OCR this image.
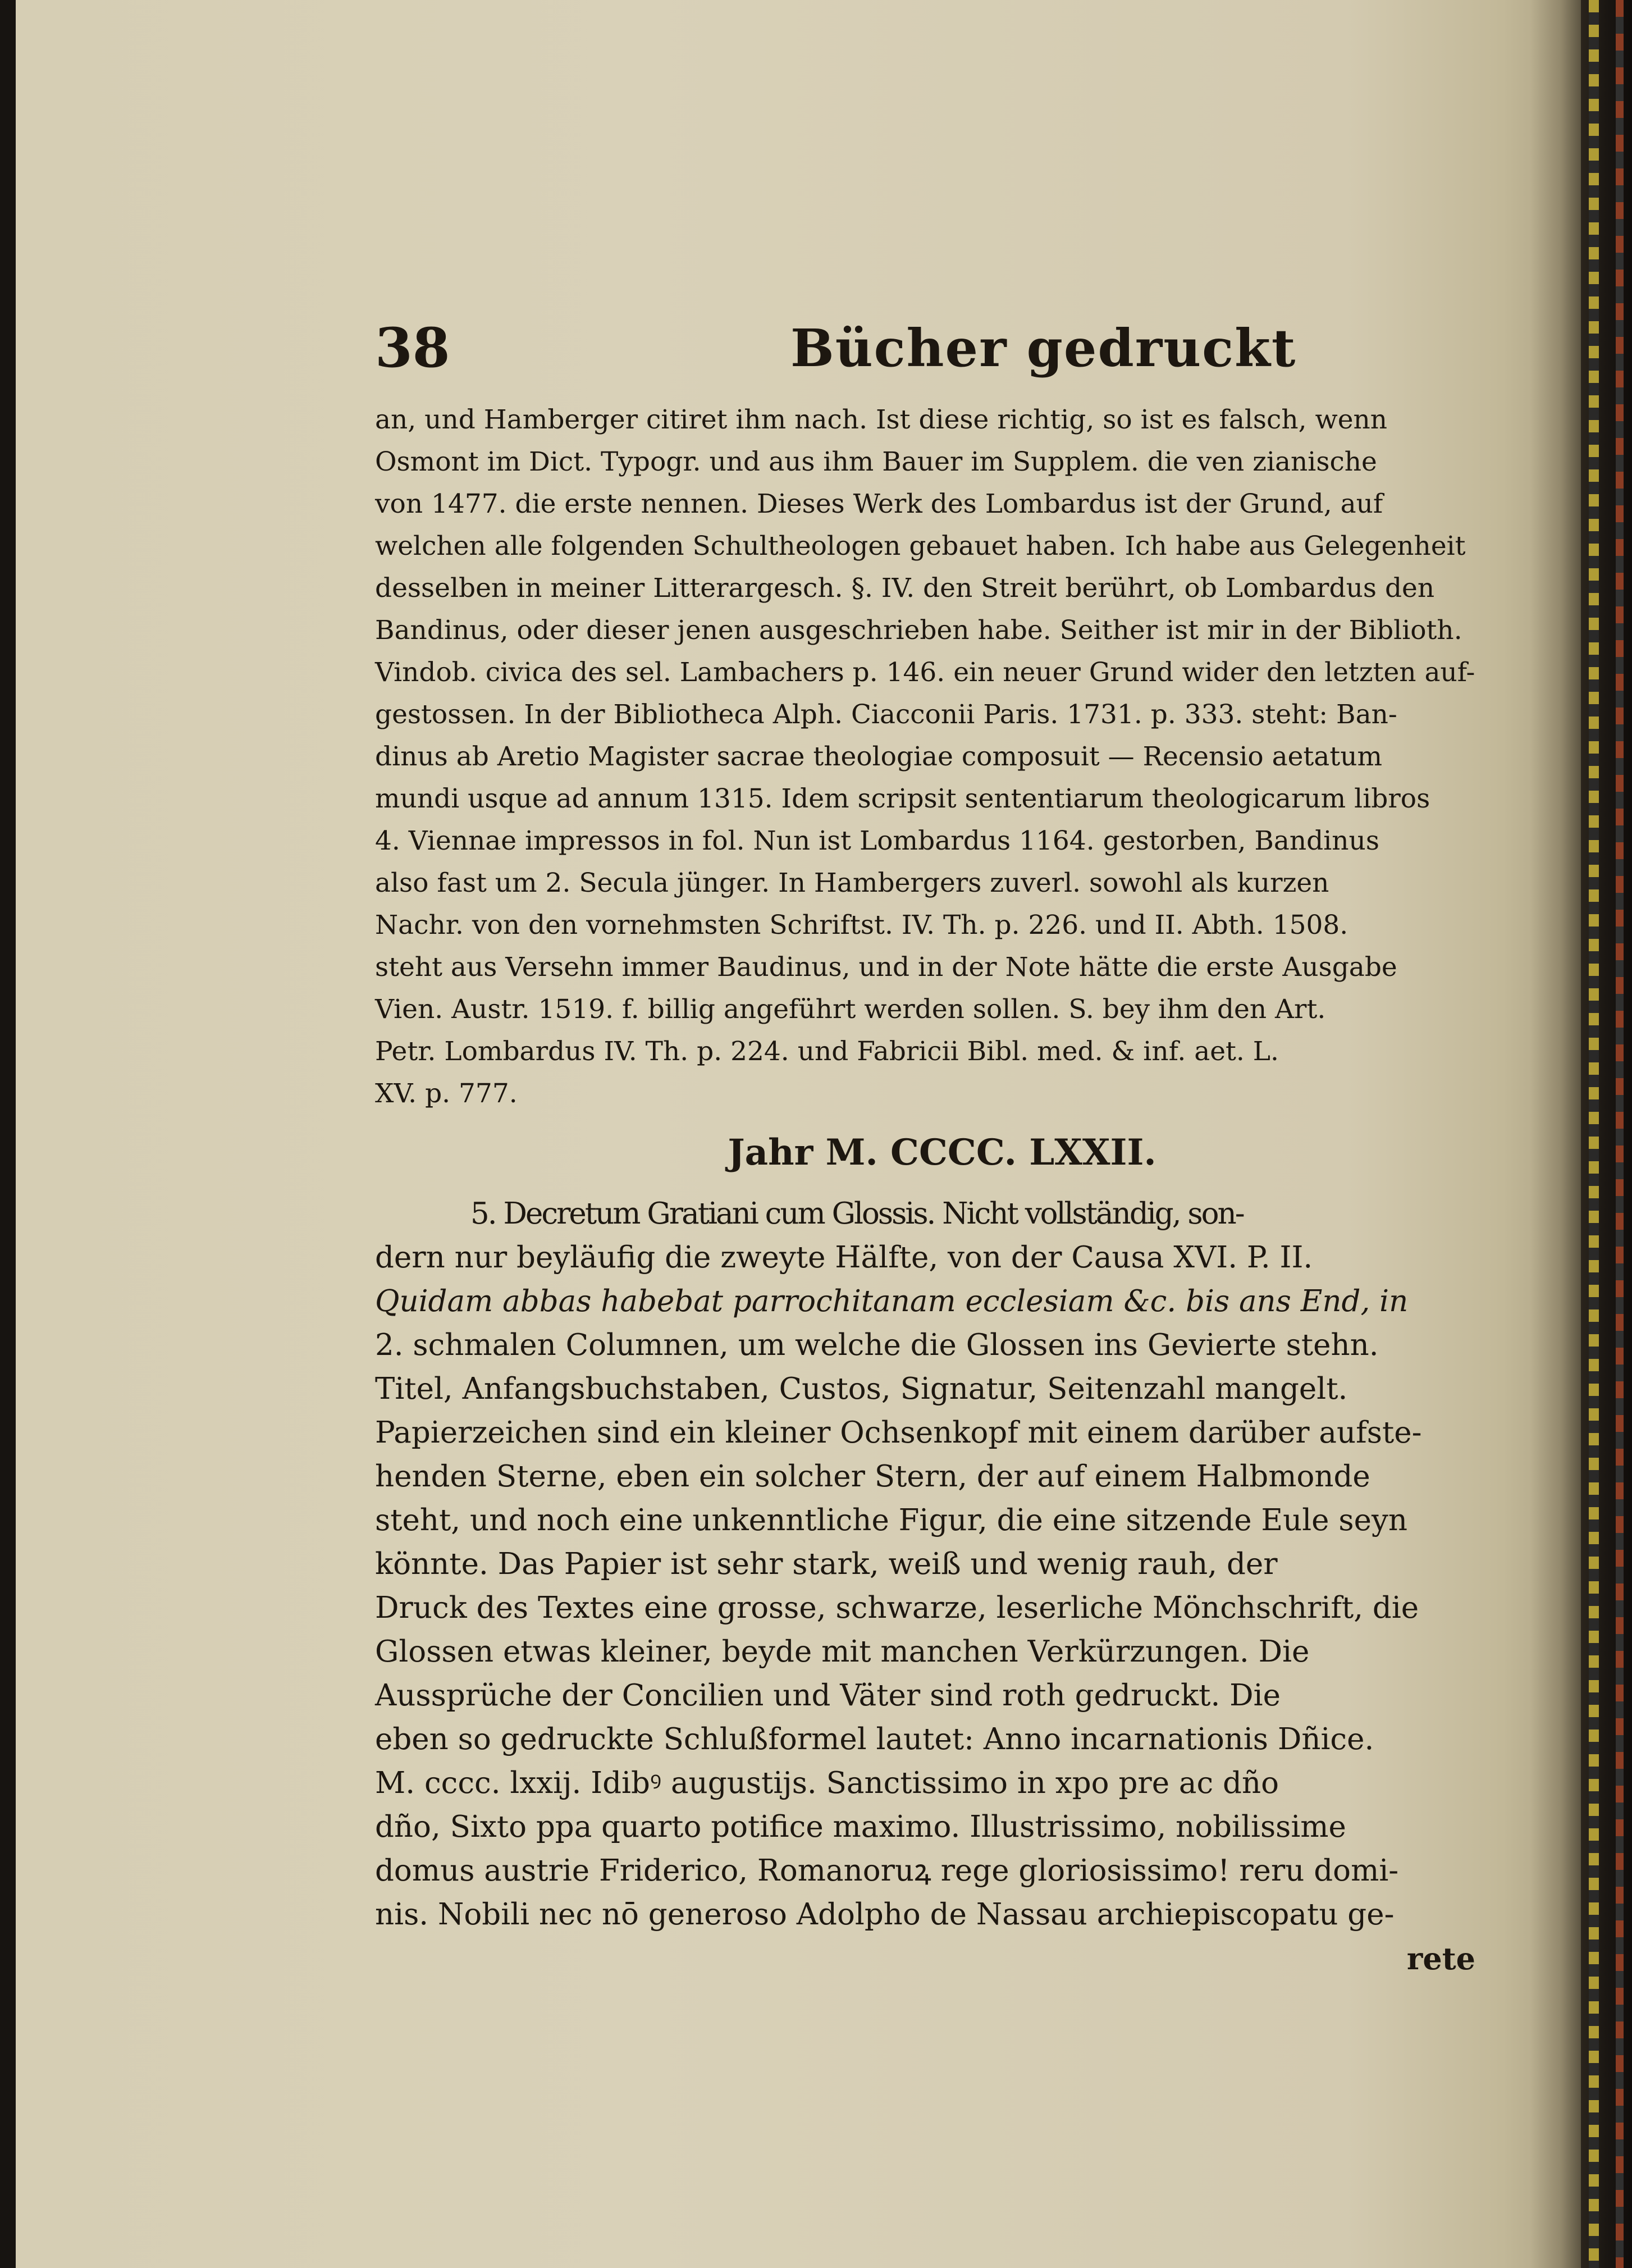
38	Bücher gedruckt
an, und Hamberger citiret ihm nach. Ist diese richtig, so ist es falsch, wenn
Osmont im Dict. Typogr. und aus ihm Bauer im Supplem. die ven zianische
von 1477. die erste nennen. Dieses Werk des Lombardus ist der Grund, auf
welchen alle folgenden Schultheologen gebauet haben. Ich habe aus Gelegenheit
desselben in meiner Litterargesch. §. IV. den Streit berührt, ob Lombardus den
Bandinus, oder dieser jenen ausgeschrieben habe. Seither ist mir in der Biblioth.
Vindob. civica des sel. Lambachers p. 146. ein neuer Grund wider den letzten auf-
gestossen. In der Bibliotheca Alph. Ciacconii Paris. 1731. p. 333. steht: Ban-
dinus ab Aretio Magister sacrae theologiae composuit — Recensio aetatum
mundi usque ad annum 1315. Idem scripsit sententiarum theologicarum libros
4. Viennae impressos in fol. Nun ist Lombardus 1164. gestorben, Bandinus
also fast um 2. Secula jünger. In Hambergers zuverl. sowohl als kurzen
Nachr. von den vornehmsten Schriftst. IV. Th. p. 226. und II. Abth. 1508.
steht aus Versehn immer Baudinus, und in der Note hätte die erste Ausgabe
Vien. Austr. 1519. f. billig angeführt werden sollen. S. bey ihm den Art.
Petr. Lombardus IV. Th. p. 224. und Fabricii Bibl. med. & inf. aet. L.
XV. p. 777.
Jahr M. CCCC. LXXII.
5. Decretum Gratiani cum Glossis. Nicht vollständig, son-
dern nur beyläufig die zweyte Hälfte, von der Causa XVI. P. II.
Quidam abbas habebat parrochitanam ecclesiam &c. bis ans End, in
2. schmalen Columnen, um welche die Glossen ins Gevierte stehn.
Titel, Anfangsbuchstaben, Custos, Signatur, Seitenzahl mangelt.
Papierzeichen sind ein kleiner Ochsenkopf mit einem darüber aufste-
henden Sterne, eben ein solcher Stern, der auf einem Halbmonde
steht, und noch eine unkenntliche Figur, die eine sitzende Eule seyn
könnte. Das Papier ist sehr stark, weiß und wenig rauh, der
Druck des Textes eine grosse, schwarze, leserliche Mönchschrift, die
Glossen etwas kleiner, beyde mit manchen Verkürzungen. Die
Aussprüche der Concilien und Väter sind roth gedruckt. Die
eben so gedruckte Schlußformel lautet: Anno incarnationis Dñice.
M. cccc. lxxij. Idibꝰ augustijs. Sanctissimo in xpo pre ac dño
dño, Sixto ppa quarto potifice maximo. Illustrissimo, nobilissime
domus austrie Friderico, Romanoruꝝ rege gloriosissimo! reru domi-
nis. Nobili nec nō generoso Adolpho de Nassau archiepiscopatu ge-
rete
